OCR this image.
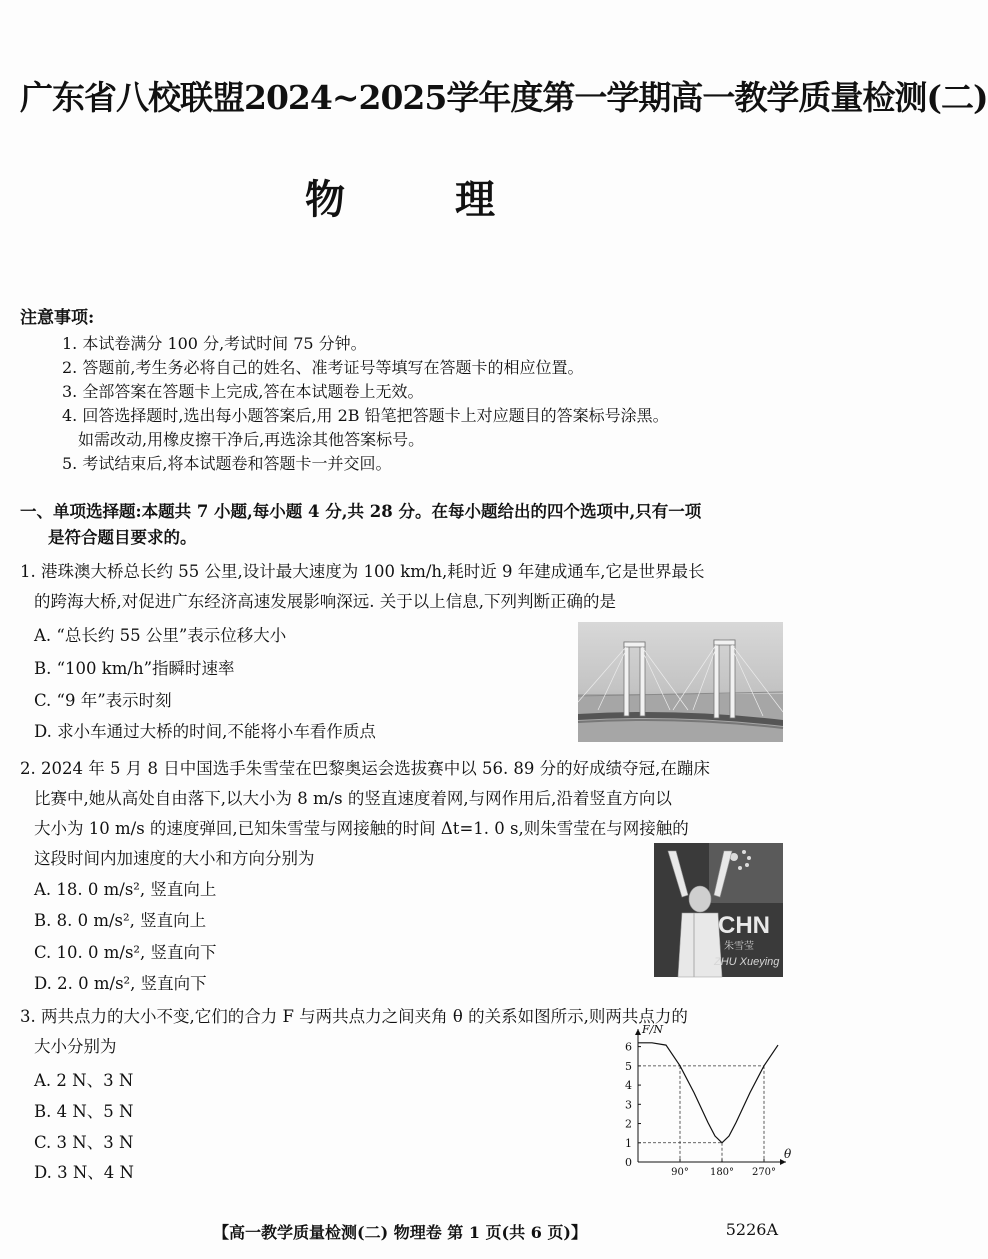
广东省八校联盟2024~2025学年度第一学期高一教学质量检测(二)
物理
注意事项:
1. 本试卷满分 100 分,考试时间 75 分钟。
2. 答题前,考生务必将自己的姓名、准考证号等填写在答题卡的相应位置。
3. 全部答案在答题卡上完成,答在本试题卷上无效。
4. 回答选择题时,选出每小题答案后,用 2B 铅笔把答题卡上对应题目的答案标号涂黑。
如需改动,用橡皮擦干净后,再选涂其他答案标号。
5. 考试结束后,将本试题卷和答题卡一并交回。
一、单项选择题:本题共 7 小题,每小题 4 分,共 28 分。在每小题给出的四个选项中,只有一项
是符合题目要求的。
1. 港珠澳大桥总长约 55 公里,设计最大速度为 100 km/h,耗时近 9 年建成通车,它是世界最长
的跨海大桥,对促进广东经济高速发展影响深远. 关于以上信息,下列判断正确的是
A. “总长约 55 公里”表示位移大小
B. “100 km/h”指瞬时速率
C. “9 年”表示时刻
D. 求小车通过大桥的时间,不能将小车看作质点
2. 2024 年 5 月 8 日中国选手朱雪莹在巴黎奥运会选拔赛中以 56. 89 分的好成绩夺冠,在蹦床
比赛中,她从高处自由落下,以大小为 8 m/s 的竖直速度着网,与网作用后,沿着竖直方向以
大小为 10 m/s 的速度弹回,已知朱雪莹与网接触的时间 Δt=1. 0 s,则朱雪莹在与网接触的
这段时间内加速度的大小和方向分别为
A. 18. 0 m/s², 竖直向上
B. 8. 0 m/s², 竖直向上
C. 10. 0 m/s², 竖直向下
D. 2. 0 m/s², 竖直向下
CHN
朱雪莹
ZHU Xueying
3. 两共点力的大小不变,它们的合力 F 与两共点力之间夹角 θ 的关系如图所示,则两共点力的
大小分别为
A. 2 N、3 N
B. 4 N、5 N
C. 3 N、3 N
D. 3 N、4 N
0
1
2
3
4
5
6
90° 180° 270°
F/N
θ
【高一教学质量检测(二) 物理卷 第 1 页(共 6 页)】	5226A
